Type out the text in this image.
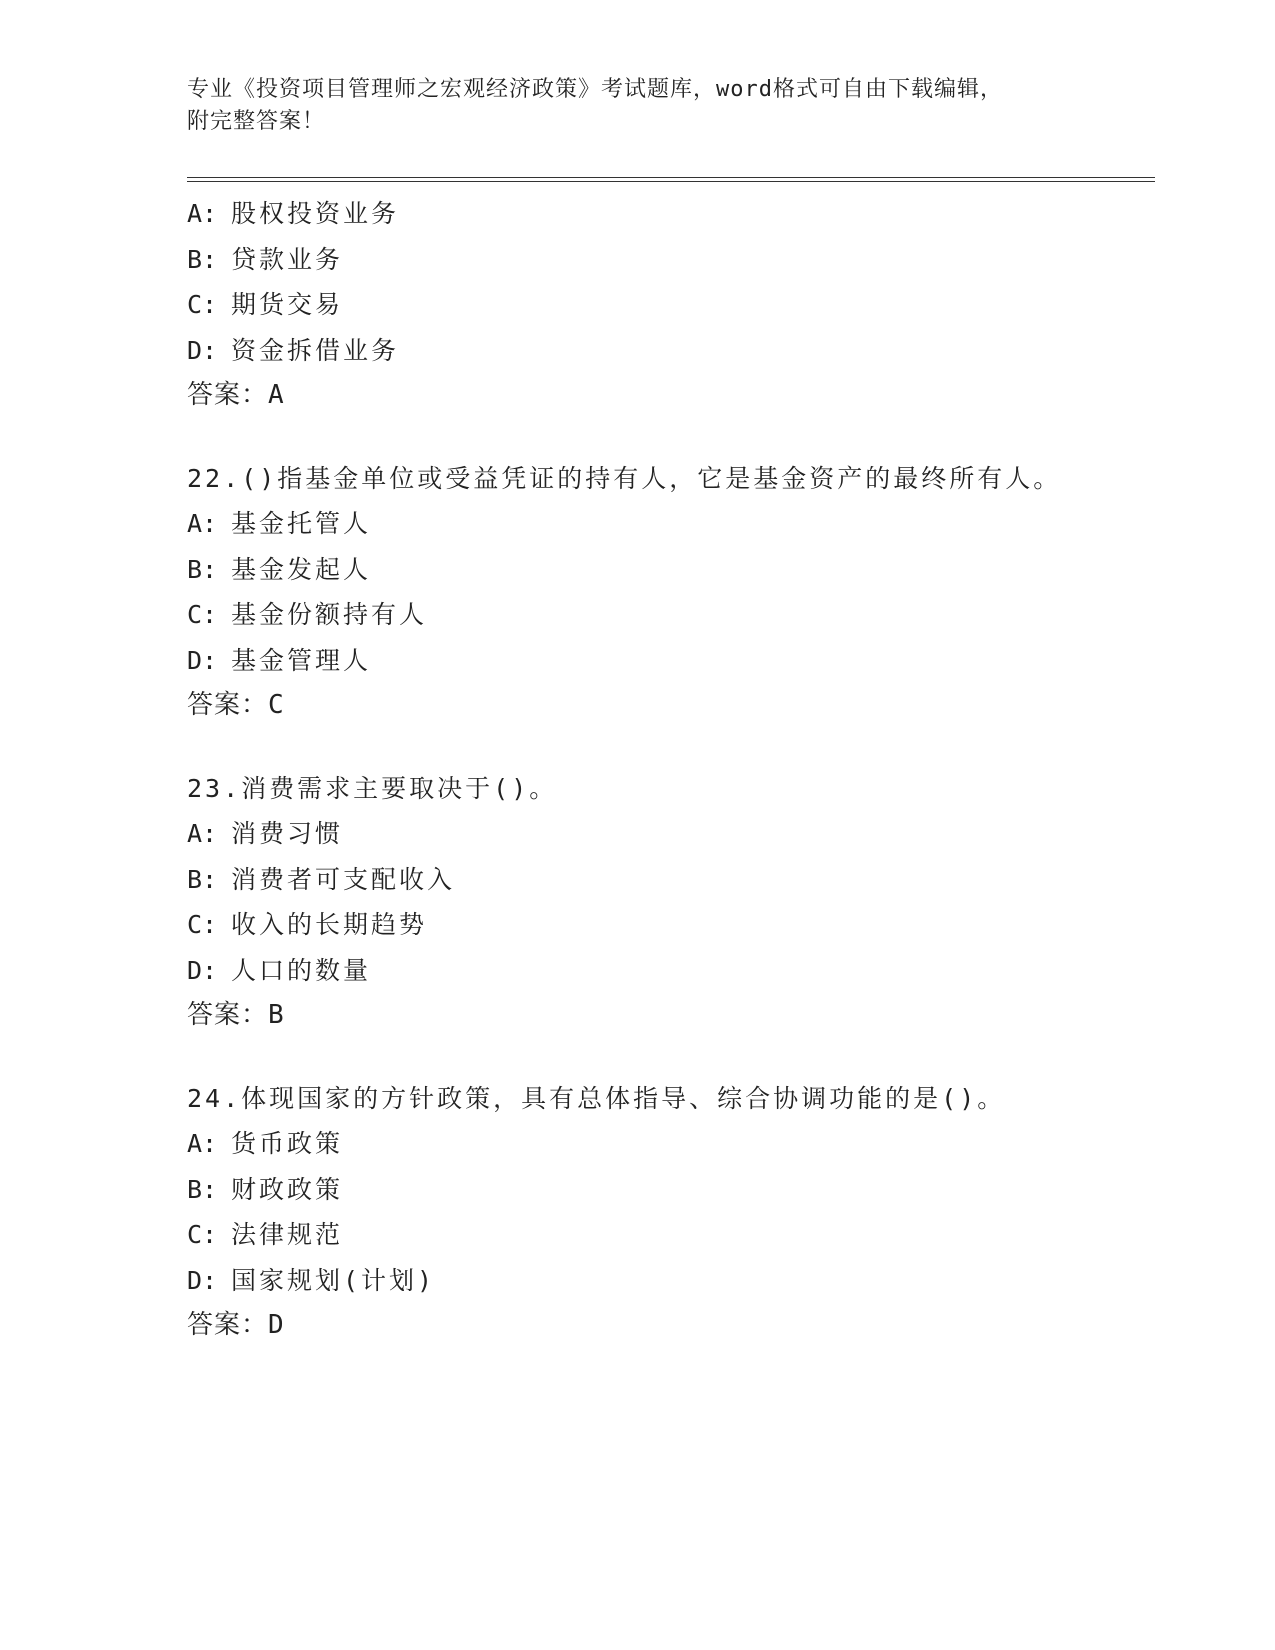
专业《投资项目管理师之宏观经济政策》考试题库，word格式可自由下载编辑，
附完整答案！
A: 股权投资业务
B: 贷款业务
C: 期货交易
D: 资金拆借业务
答案：A
22.()指基金单位或受益凭证的持有人，它是基金资产的最终所有人。
A: 基金托管人
B: 基金发起人
C: 基金份额持有人
D: 基金管理人
答案：C
23.消费需求主要取决于()。
A: 消费习惯
B: 消费者可支配收入
C: 收入的长期趋势
D: 人口的数量
答案：B
24.体现国家的方针政策，具有总体指导、综合协调功能的是()。
A: 货币政策
B: 财政政策
C: 法律规范
D: 国家规划(计划)
答案：D
